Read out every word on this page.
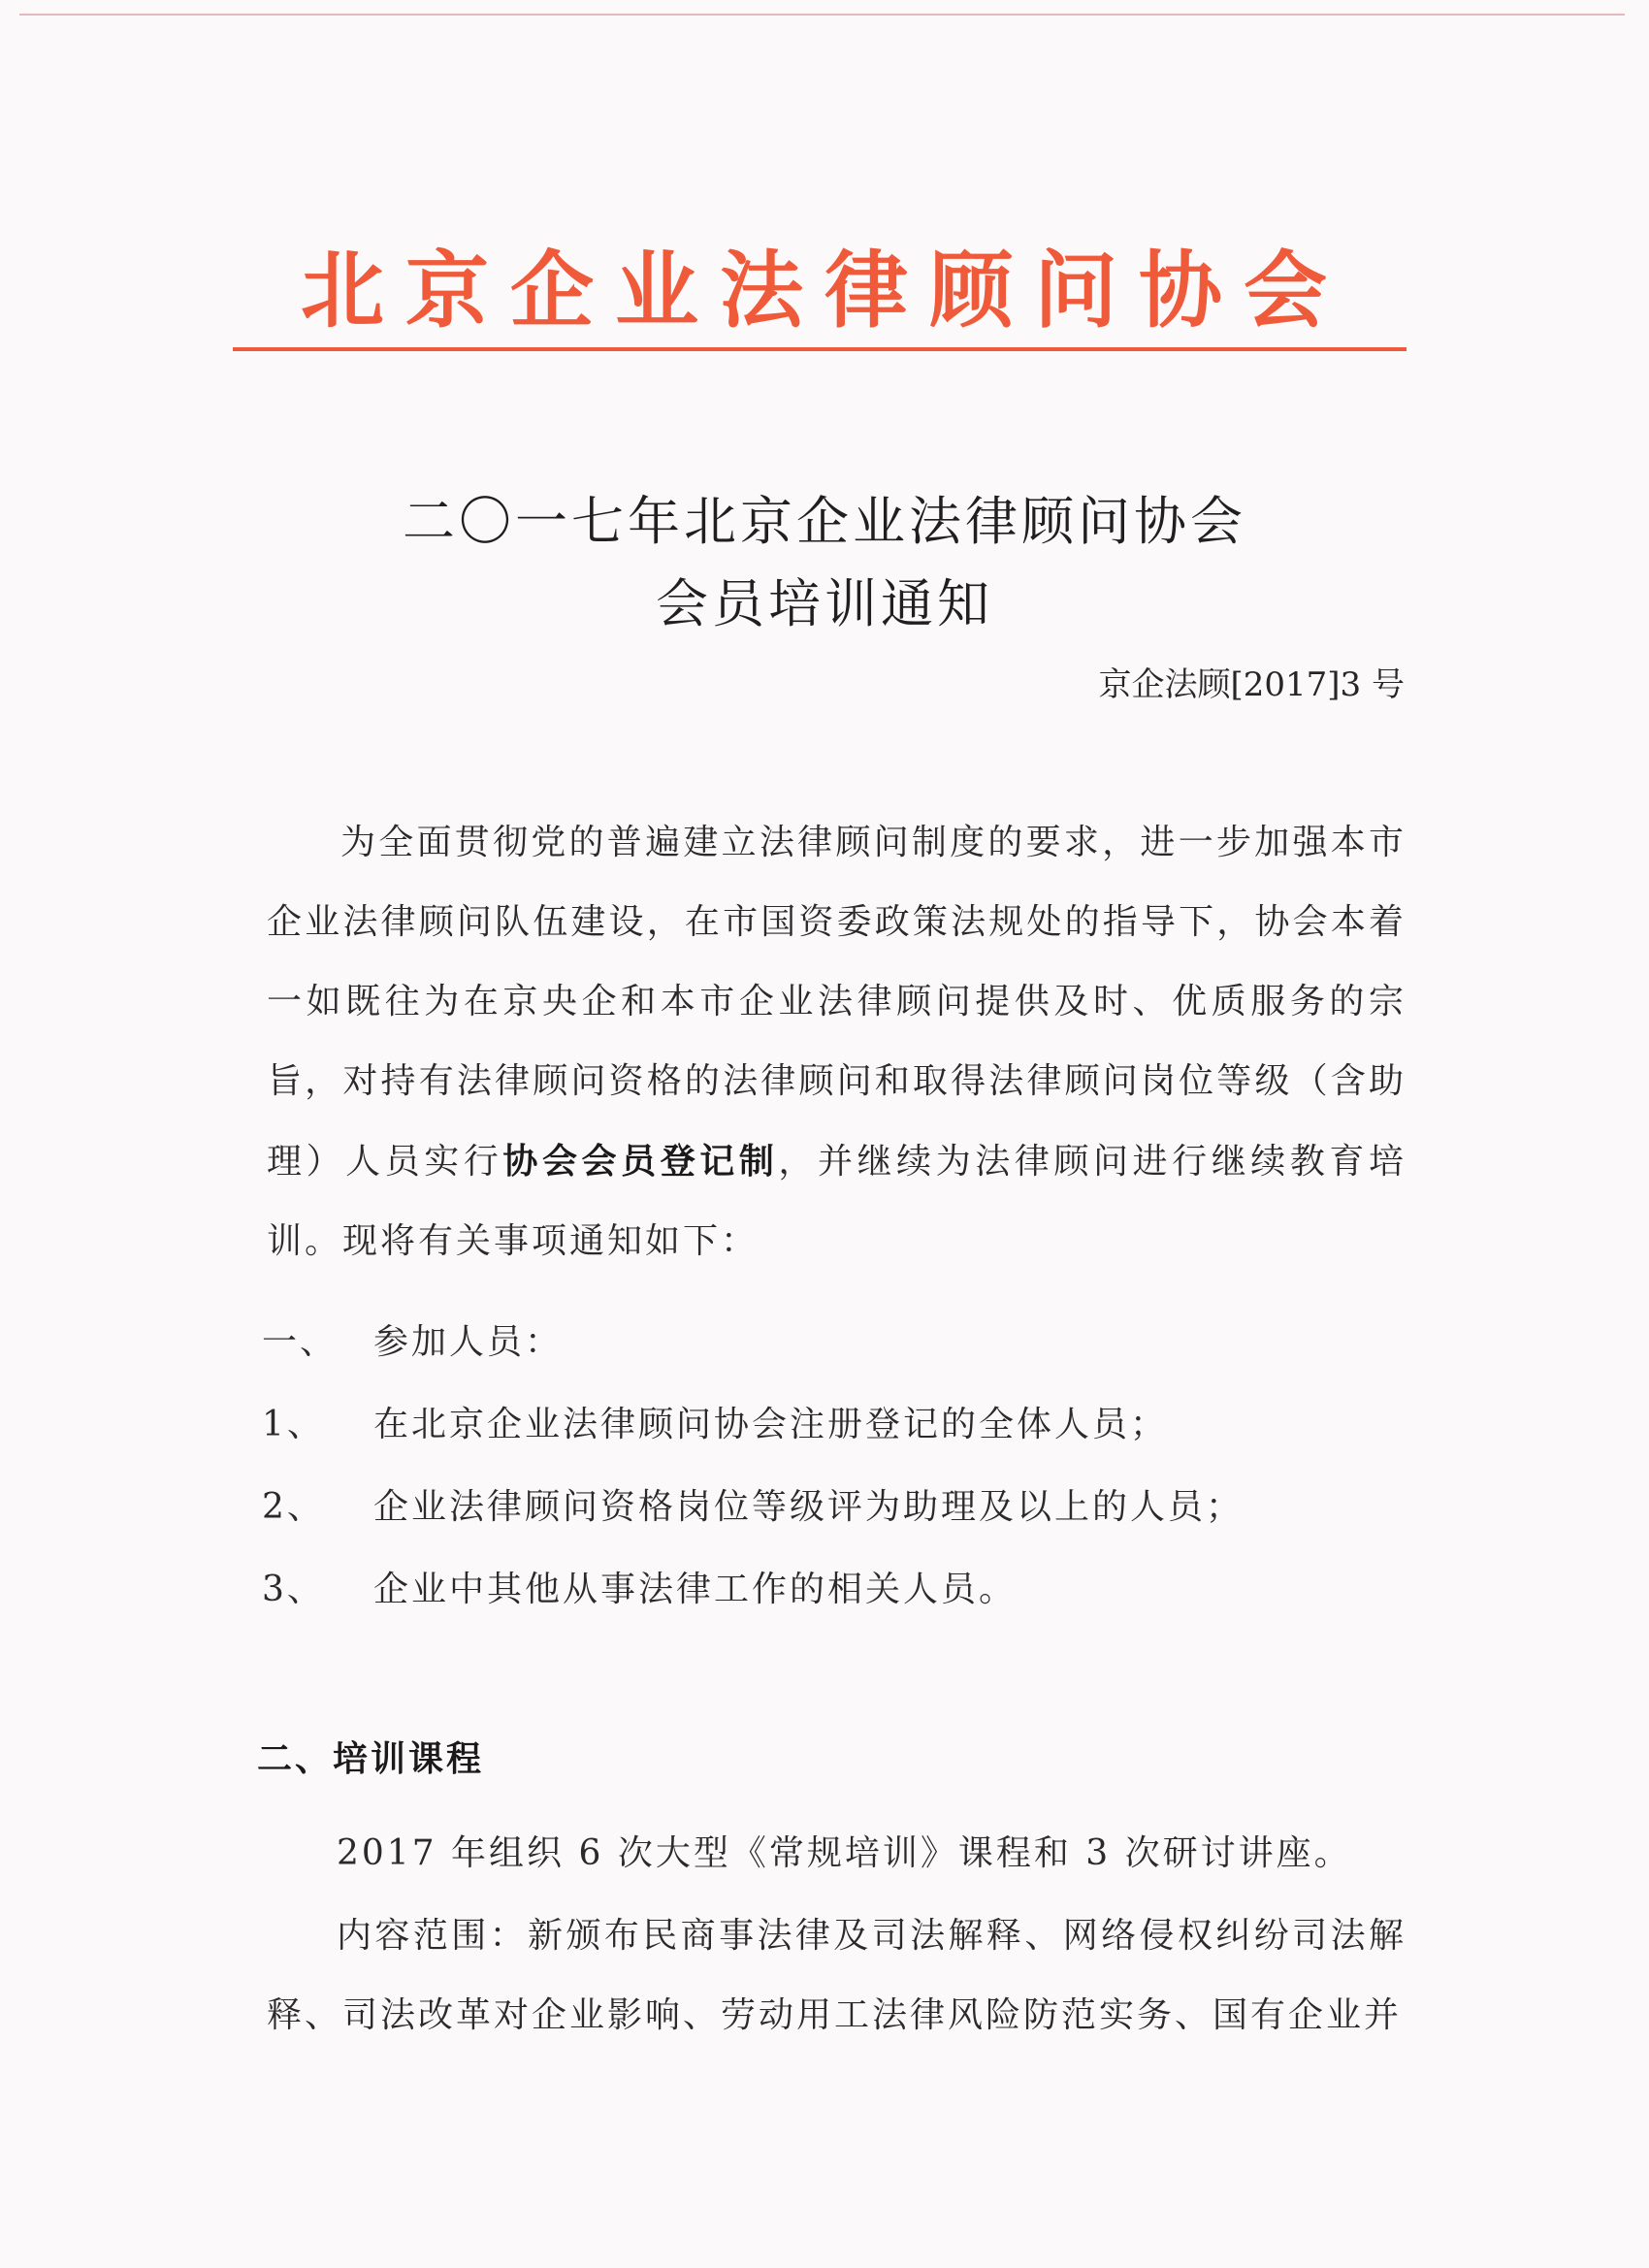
北京企业法律顾问协会
二〇一七年北京企业法律顾问协会
会员培训通知
京企法顾[2017]3 号
为全面贯彻党的普遍建立法律顾问制度的要求，进一步加强本市企业法律顾问队伍建设，在市国资委政策法规处的指导下，协会本着一如既往为在京央企和本市企业法律顾问提供及时、优质服务的宗旨，对持有法律顾问资格的法律顾问和取得法律顾问岗位等级（含助理）人员实行协会会员登记制，并继续为法律顾问进行继续教育培训。现将有关事项通知如下：
一、 参加人员：
1、 在北京企业法律顾问协会注册登记的全体人员；
2、 企业法律顾问资格岗位等级评为助理及以上的人员；
3、 企业中其他从事法律工作的相关人员。
二、培训课程
2017 年组织 6 次大型《常规培训》课程和 3 次研讨讲座。
内容范围：新颁布民商事法律及司法解释、网络侵权纠纷司法解释、司法改革对企业影响、劳动用工法律风险防范实务、国有企业并
